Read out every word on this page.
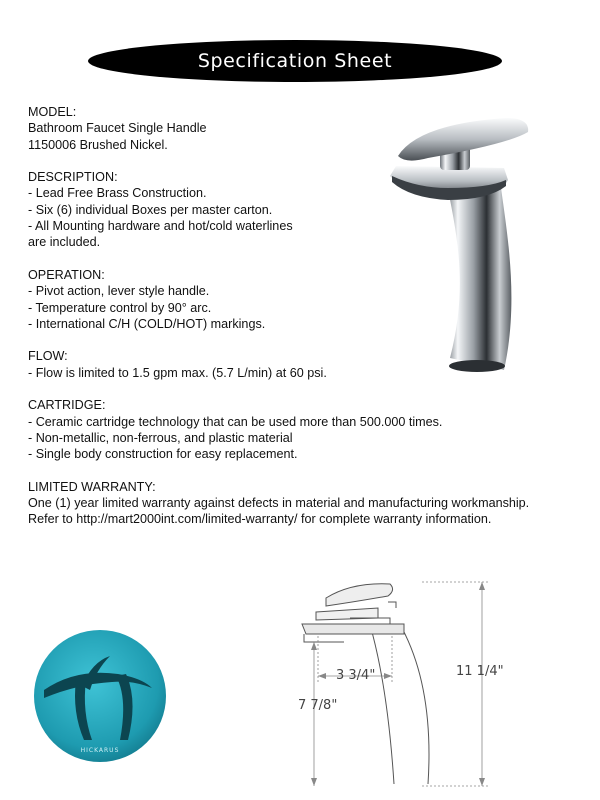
Specification Sheet
MODEL:
Bathroom Faucet Single Handle
1150006 Brushed Nickel.
DESCRIPTION:
- Lead Free Brass Construction.
- Six (6) individual Boxes per master carton.
- All Mounting hardware and hot/cold waterlines
are included.
OPERATION:
- Pivot action, lever style handle.
- Temperature control by 90° arc.
- International C/H (COLD/HOT) markings.
FLOW:
- Flow is limited to 1.5 gpm max. (5.7 L/min) at 60 psi.
CARTRIDGE:
- Ceramic cartridge technology that can be used more than 500.000 times.
- Non-metallic, non-ferrous, and plastic material
- Single body construction for easy replacement.
LIMITED WARRANTY:
One (1) year limited warranty against defects in material and manufacturing workmanship.
Refer to http://mart2000int.com/limited-warranty/ for complete warranty information.
HICKARUS
3 3/4"
7 7/8"
11 1/4"
